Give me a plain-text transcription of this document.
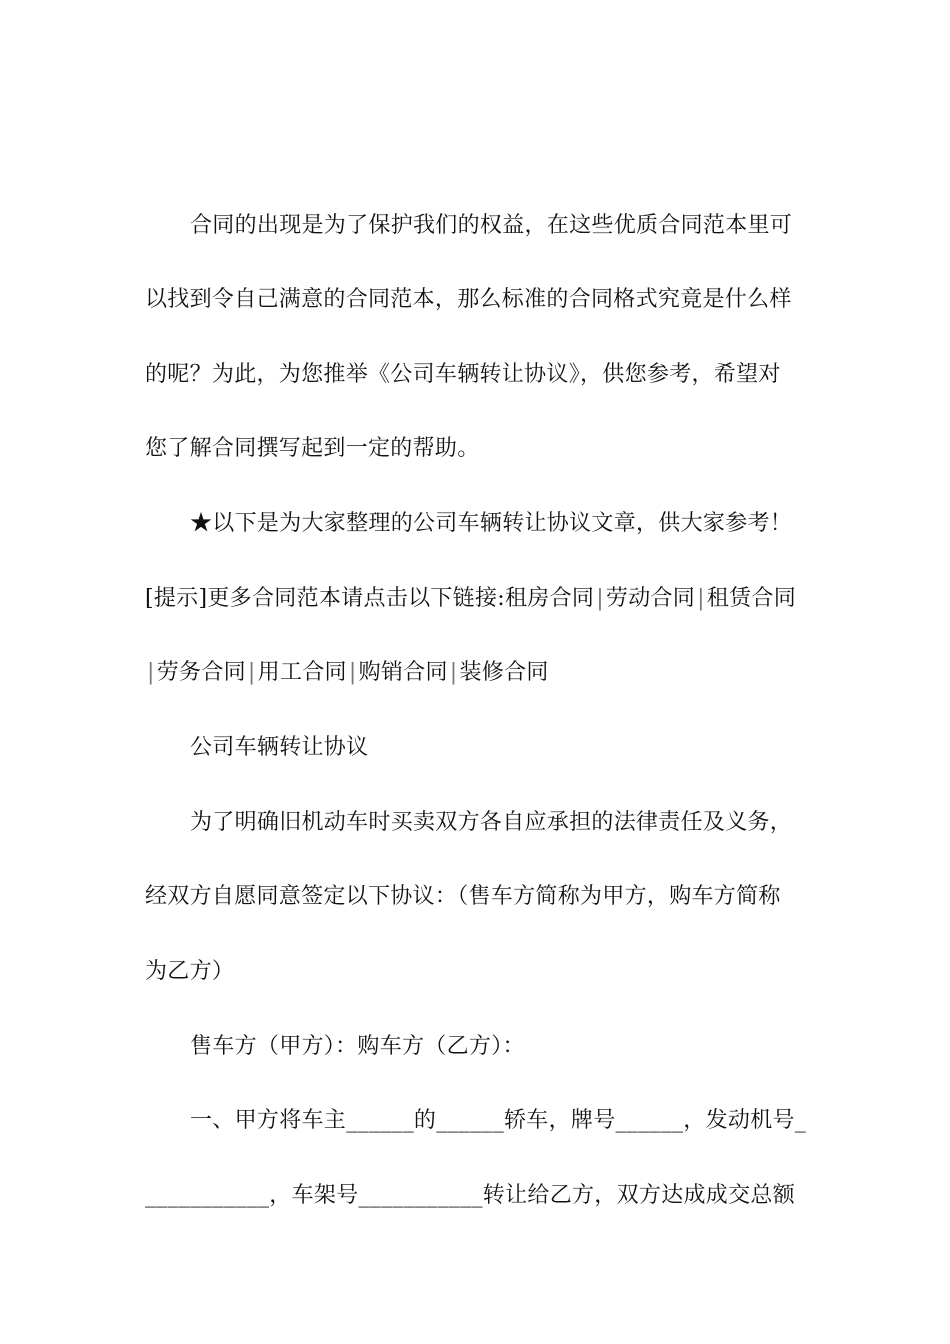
合同的出现是为了保护我们的权益，在这些优质合同范本里可
以找到令自己满意的合同范本，那么标准的合同格式究竟是什么样
的呢？为此，为您推举《公司车辆转让协议》，供您参考，希望对
您了解合同撰写起到一定的帮助。
★以下是为大家整理的公司车辆转让协议文章，供大家参考！
[提示]更多合同范本请点击以下链接:租房合同|劳动合同|租赁合同
|劳务合同|用工合同|购销合同|装修合同
公司车辆转让协议
为了明确旧机动车时买卖双方各自应承担的法律责任及义务，
经双方自愿同意签定以下协议：（售车方简称为甲方，购车方简称
为乙方）
售车方（甲方）：购车方（乙方）：
一、甲方将车主______的______轿车，牌号______，发动机号_
___________，车架号___________转让给乙方，双方达成成交总额
